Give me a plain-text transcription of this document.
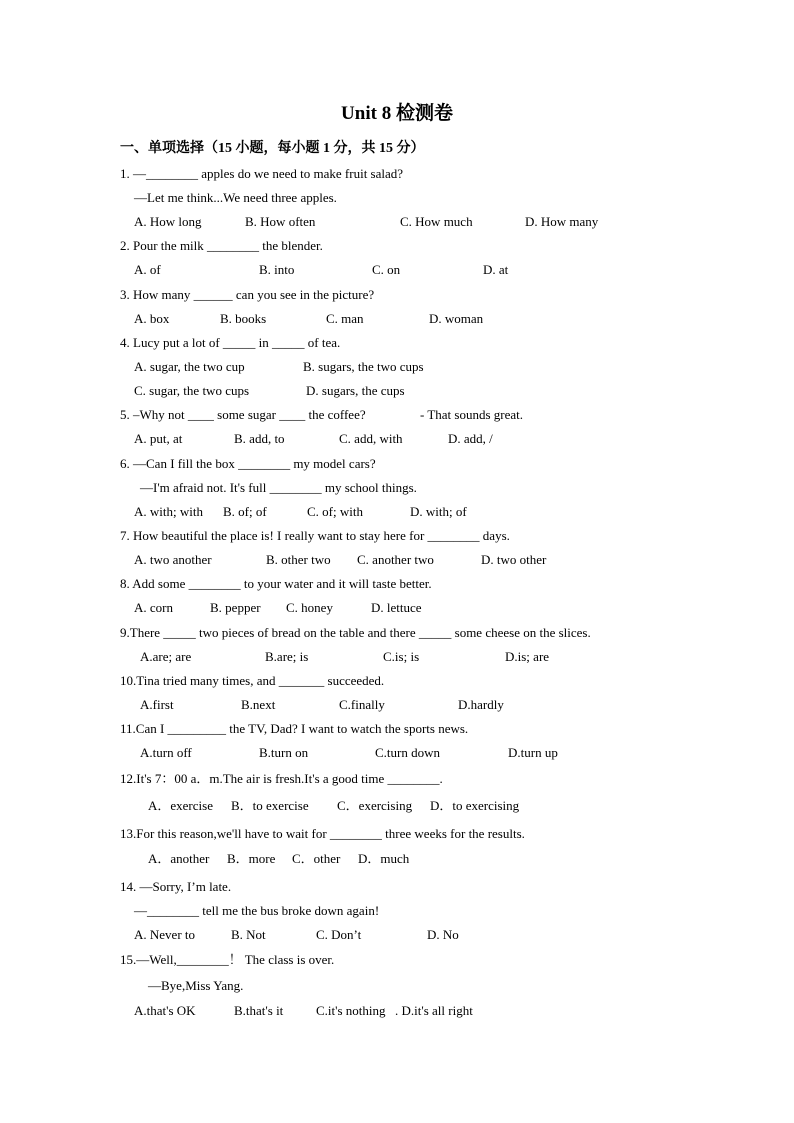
Unit 8 检测卷
一、单项选择（15 小题，每小题 1 分，共 15 分）
1. —________ apples do we need to make fruit salad?
—Let me think...We need three apples.
A. How long	B. How often	C. How much	D. How many
2. Pour the milk ________ the blender.
A. of	B. into	C. on	D. at
3. How many ______ can you see in the picture?
A. box	B. books	C. man	D. woman
4. Lucy put a lot of _____ in _____ of tea.
A. sugar, the two cup	B. sugars, the two cups
C. sugar, the two cups	D. sugars, the cups
5. –Why not ____ some sugar ____ the coffee?	- That sounds great.
A. put, at	B. add, to	C. add, with	D. add, /
6. —Can I fill the box ________ my model cars?
—I'm afraid not. It's full ________ my school things.
A. with; with B. of; of	C. of; with	D. with; of
7. How beautiful the place is! I really want to stay here for ________ days.
A. two another	B. other two C. another two	D. two other
8. Add some ________ to your water and it will taste better.
A. corn	B. pepper C. honey	D. lettuce
9.There _____ two pieces of bread on the table and there _____ some cheese on the slices.
A.are; are	B.are; is	C.is; is	D.is; are
10.Tina tried many times, and _______ succeeded.
A.first	B.next	C.finally	D.hardly
11.Can I _________ the TV, Dad? I want to watch the sports news.
A.turn off	B.turn on	C.turn down	D.turn up
12.It's 7：00 a．m.The air is fresh.It's a good time ________.
A．exercise B．to exercise C．exercising D．to exercising
13.For this reason,we'll have to wait for ________ three weeks for the results.
A．another B．more C．other D．much
14. —Sorry, I’m late.
—________ tell me the bus broke down again!
A. Never to	B. Not	C. Don’t	D. No
15.—Well,________！ The class is over.
—Bye,Miss Yang.
A.that's OK	B.that's it	C.it's nothing . D.it's all right
